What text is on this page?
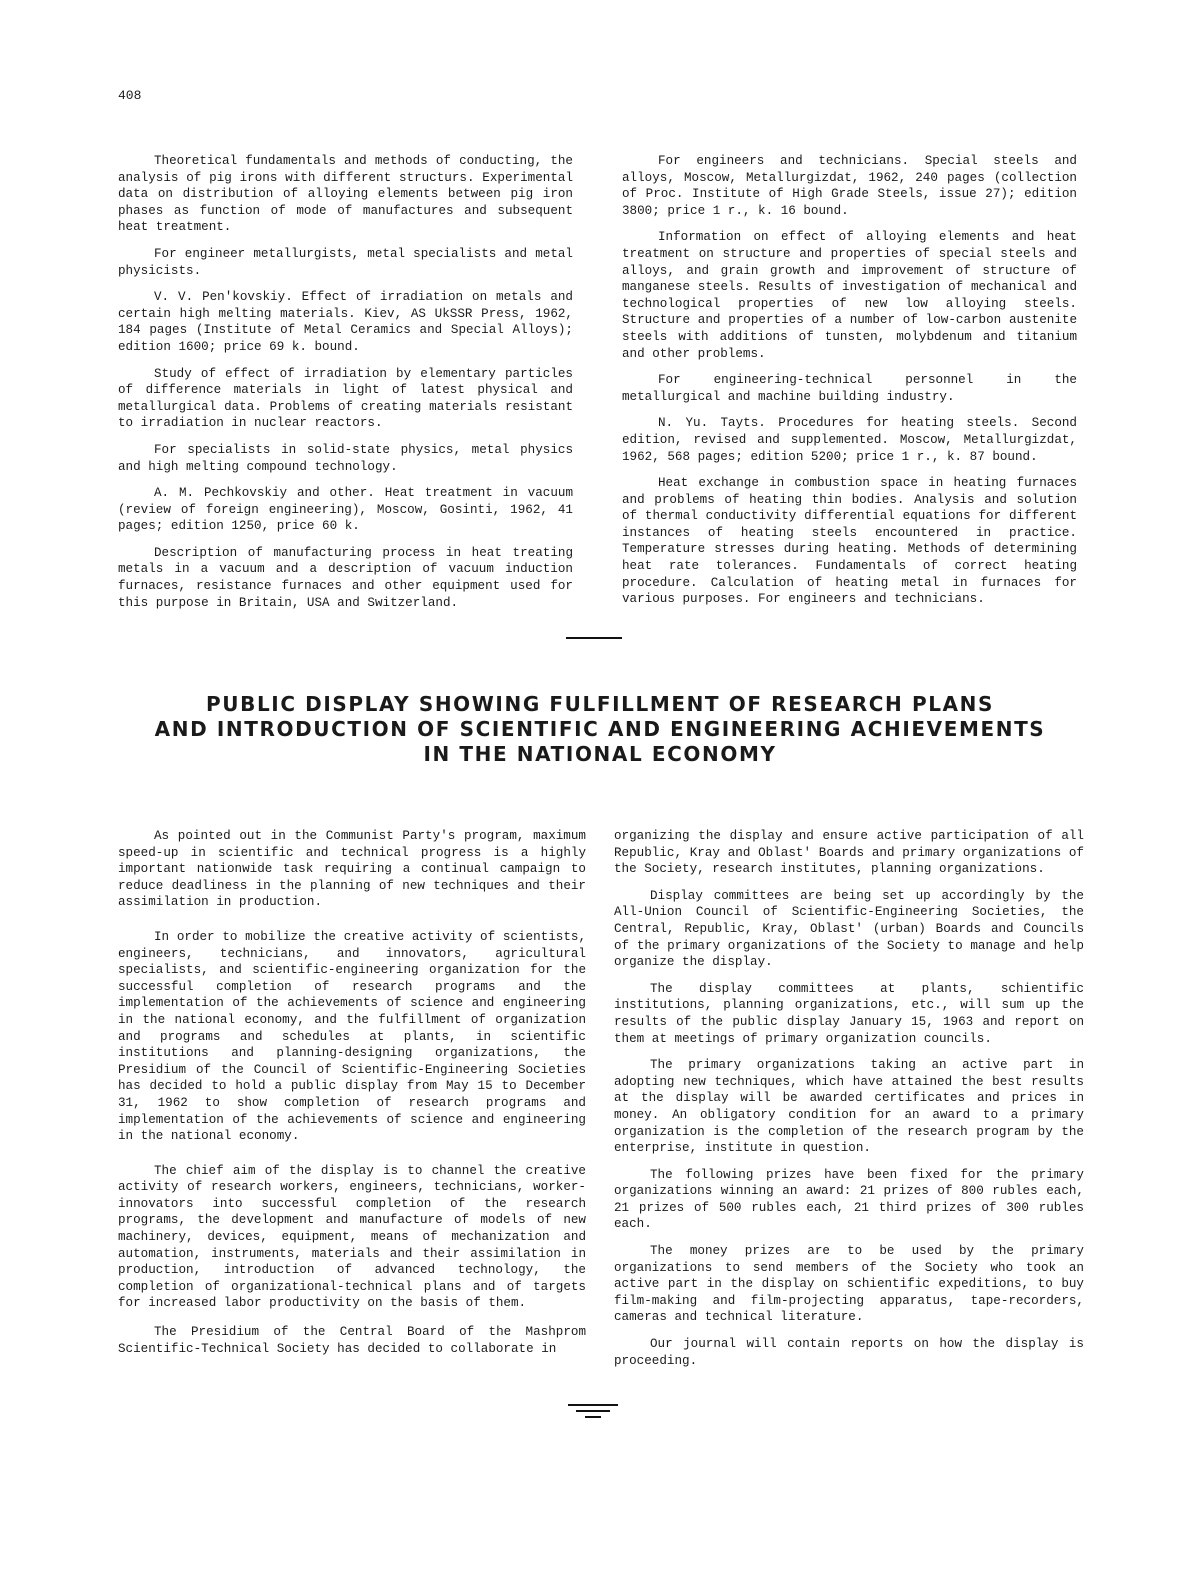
408

Theoretical fundamentals and methods of conducting, the analysis of pig irons with different structurs. Experimental data on distribution of alloying elements between pig iron phases as function of mode of manufactures and subsequent heat treatment.

For engineer metallurgists, metal specialists and metal physicists.

V. V. Pen'kovskiy. Effect of irradiation on metals and certain high melting materials. Kiev, AS UkSSR Press, 1962, 184 pages (Institute of Metal Ceramics and Special Alloys); edition 1600; price 69 k. bound.

Study of effect of irradiation by elementary particles of difference materials in light of latest physical and metallurgical data. Problems of creating materials resistant to irradiation in nuclear reactors.

For specialists in solid-state physics, metal physics and high melting compound technology.

A. M. Pechkovskiy and other. Heat treatment in vacuum (review of foreign engineering), Moscow, Gosinti, 1962, 41 pages; edition 1250, price 60 k.

Description of manufacturing process in heat treating metals in a vacuum and a description of vacuum induction furnaces, resistance furnaces and other equipment used for this purpose in Britain, USA and Switzerland.

For engineers and technicians. Special steels and alloys, Moscow, Metallurgizdat, 1962, 240 pages (collection of Proc. Institute of High Grade Steels, issue 27); edition 3800; price 1 r., k. 16 bound.

Information on effect of alloying elements and heat treatment on structure and properties of special steels and alloys, and grain growth and improvement of structure of manganese steels. Results of investigation of mechanical and technological properties of new low alloying steels. Structure and properties of a number of low-carbon austenite steels with additions of tunsten, molybdenum and titanium and other problems.

For engineering-technical personnel in the metallurgical and machine building industry.

N. Yu. Tayts. Procedures for heating steels. Second edition, revised and supplemented. Moscow, Metallurgizdat, 1962, 568 pages; edition 5200; price 1 r., k. 87 bound.

Heat exchange in combustion space in heating furnaces and problems of heating thin bodies. Analysis and solution of thermal conductivity differential equations for different instances of heating steels encountered in practice. Temperature stresses during heating. Methods of determining heat rate tolerances. Fundamentals of correct heating procedure. Calculation of heating metal in furnaces for various purposes. For engineers and technicians.

PUBLIC DISPLAY SHOWING FULFILLMENT OF RESEARCH PLANS
AND INTRODUCTION OF SCIENTIFIC AND ENGINEERING ACHIEVEMENTS
IN THE NATIONAL ECONOMY

As pointed out in the Communist Party's program, maximum speed-up in scientific and technical progress is a highly important nationwide task requiring a continual campaign to reduce deadliness in the planning of new techniques and their assimilation in production.

In order to mobilize the creative activity of scientists, engineers, technicians, and innovators, agricultural specialists, and scientific-engineering organization for the successful completion of research programs and the implementation of the achievements of science and engineering in the national economy, and the fulfillment of organization and programs and schedules at plants, in scientific institutions and planning-designing organizations, the Presidium of the Council of Scientific-Engineering Societies has decided to hold a public display from May 15 to December 31, 1962 to show completion of research programs and implementation of the achievements of science and engineering in the national economy.

The chief aim of the display is to channel the creative activity of research workers, engineers, technicians, worker-innovators into successful completion of the research programs, the development and manufacture of models of new machinery, devices, equipment, means of mechanization and automation, instruments, materials and their assimilation in production, introduction of advanced technology, the completion of organizational-technical plans and of targets for increased labor productivity on the basis of them.

The Presidium of the Central Board of the Mashprom Scientific-Technical Society has decided to collaborate in

organizing the display and ensure active participation of all Republic, Kray and Oblast' Boards and primary organizations of the Society, research institutes, planning organizations.

Display committees are being set up accordingly by the All-Union Council of Scientific-Engineering Societies, the Central, Republic, Kray, Oblast' (urban) Boards and Councils of the primary organizations of the Society to manage and help organize the display.

The display committees at plants, schientific institutions, planning organizations, etc., will sum up the results of the public display January 15, 1963 and report on them at meetings of primary organization councils.

The primary organizations taking an active part in adopting new techniques, which have attained the best results at the display will be awarded certificates and prices in money. An obligatory condition for an award to a primary organization is the completion of the research program by the enterprise, institute in question.

The following prizes have been fixed for the primary organizations winning an award: 21 prizes of 800 rubles each, 21 prizes of 500 rubles each, 21 third prizes of 300 rubles each.

The money prizes are to be used by the primary organizations to send members of the Society who took an active part in the display on schientific expeditions, to buy film-making and film-projecting apparatus, tape-recorders, cameras and technical literature.

Our journal will contain reports on how the display is proceeding.
